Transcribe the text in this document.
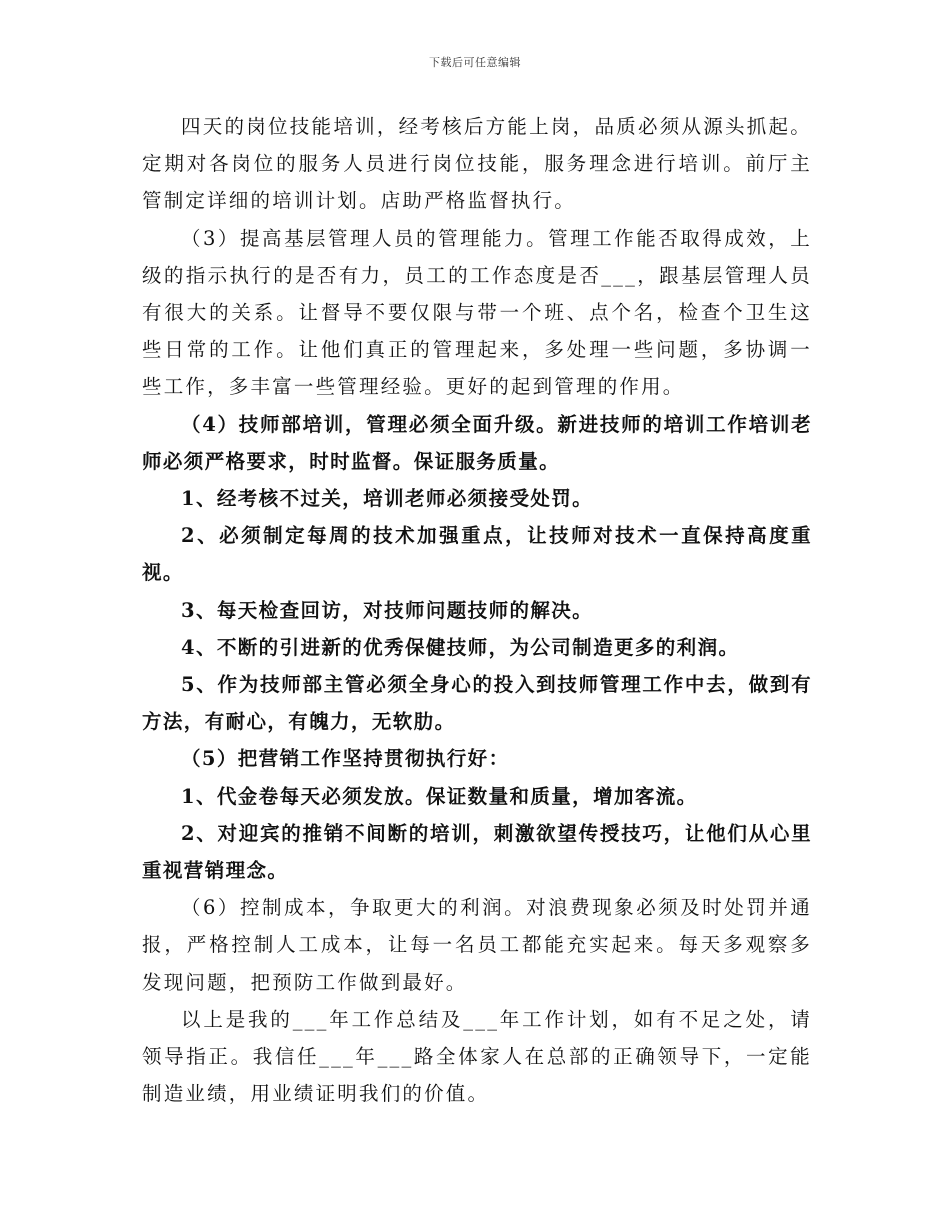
下载后可任意编辑

四天的岗位技能培训，经考核后方能上岗，品质必须从源头抓起。定期对各岗位的服务人员进行岗位技能，服务理念进行培训。前厅主管制定详细的培训计划。店助严格监督执行。

（3）提高基层管理人员的管理能力。管理工作能否取得成效，上级的指示执行的是否有力，员工的工作态度是否___，跟基层管理人员有很大的关系。让督导不要仅限与带一个班、点个名，检查个卫生这些日常的工作。让他们真正的管理起来，多处理一些问题，多协调一些工作，多丰富一些管理经验。更好的起到管理的作用。

（4）技师部培训，管理必须全面升级。新进技师的培训工作培训老师必须严格要求，时时监督。保证服务质量。

1、经考核不过关，培训老师必须接受处罚。

2、必须制定每周的技术加强重点，让技师对技术一直保持高度重视。

3、每天检查回访，对技师问题技师的解决。

4、不断的引进新的优秀保健技师，为公司制造更多的利润。

5、作为技师部主管必须全身心的投入到技师管理工作中去，做到有方法，有耐心，有魄力，无软肋。

（5）把营销工作坚持贯彻执行好：

1、代金卷每天必须发放。保证数量和质量，增加客流。

2、对迎宾的推销不间断的培训，刺激欲望传授技巧，让他们从心里重视营销理念。

（6）控制成本，争取更大的利润。对浪费现象必须及时处罚并通报，严格控制人工成本，让每一名员工都能充实起来。每天多观察多发现问题，把预防工作做到最好。

以上是我的___年工作总结及___年工作计划，如有不足之处，请领导指正。我信任___年___路全体家人在总部的正确领导下，一定能制造业绩，用业绩证明我们的价值。
